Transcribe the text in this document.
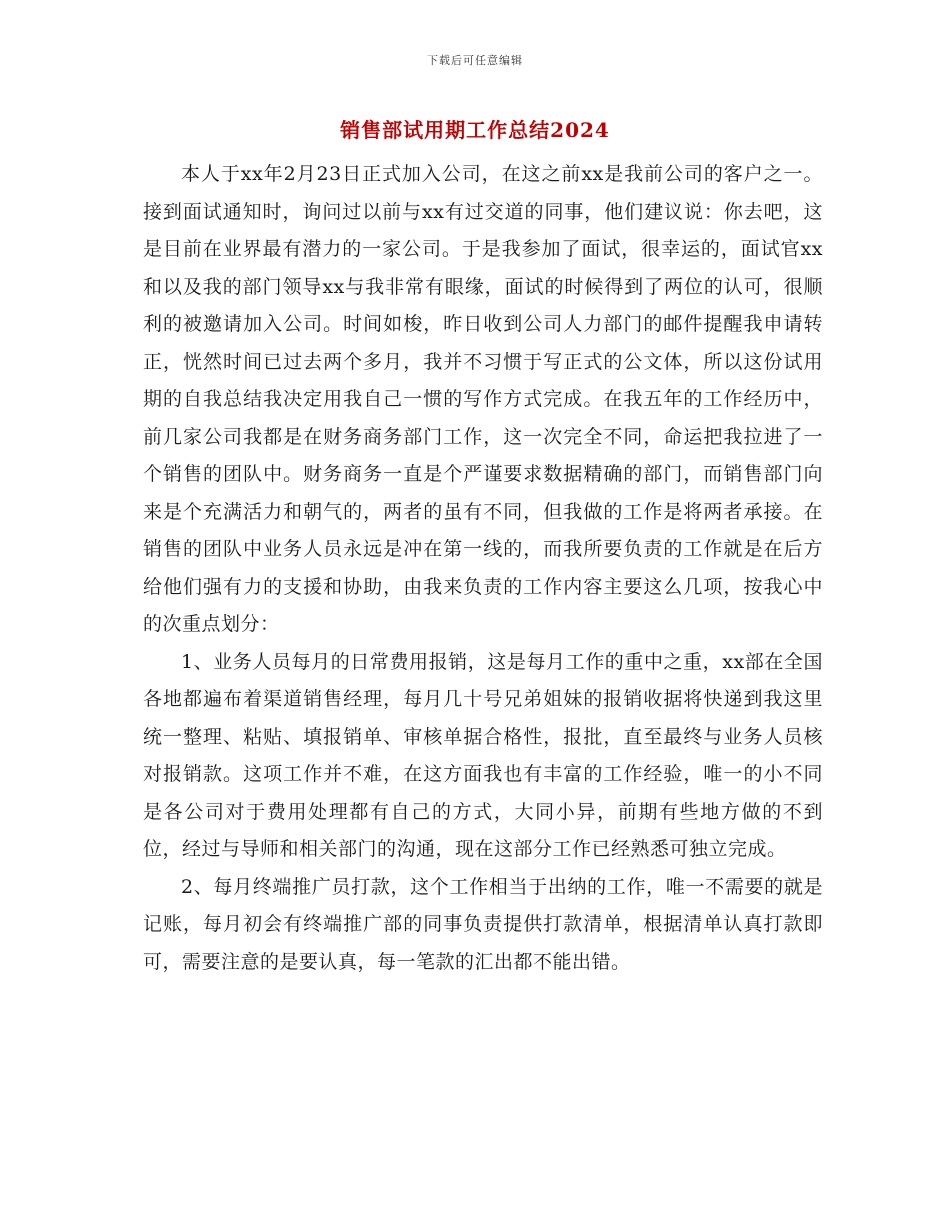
下载后可任意编辑
销售部试用期工作总结2024

本人于xx年2月23日正式加入公司，在这之前xx是我前公司的客户之一。接到面试通知时，询问过以前与xx有过交道的同事，他们建议说：你去吧，这是目前在业界最有潜力的一家公司。于是我参加了面试，很幸运的，面试官xx和以及我的部门领导xx与我非常有眼缘，面试的时候得到了两位的认可，很顺利的被邀请加入公司。时间如梭，昨日收到公司人力部门的邮件提醒我申请转正，恍然时间已过去两个多月，我并不习惯于写正式的公文体，所以这份试用期的自我总结我决定用我自己一惯的写作方式完成。在我五年的工作经历中，前几家公司我都是在财务商务部门工作，这一次完全不同，命运把我拉进了一个销售的团队中。财务商务一直是个严谨要求数据精确的部门，而销售部门向来是个充满活力和朝气的，两者的虽有不同，但我做的工作是将两者承接。在销售的团队中业务人员永远是冲在第一线的，而我所要负责的工作就是在后方给他们强有力的支援和协助，由我来负责的工作内容主要这么几项，按我心中的次重点划分：

1、业务人员每月的日常费用报销，这是每月工作的重中之重，xx部在全国各地都遍布着渠道销售经理，每月几十号兄弟姐妹的报销收据将快递到我这里统一整理、粘贴、填报销单、审核单据合格性，报批，直至最终与业务人员核对报销款。这项工作并不难，在这方面我也有丰富的工作经验，唯一的小不同是各公司对于费用处理都有自己的方式，大同小异，前期有些地方做的不到位，经过与导师和相关部门的沟通，现在这部分工作已经熟悉可独立完成。

2、每月终端推广员打款，这个工作相当于出纳的工作，唯一不需要的就是记账，每月初会有终端推广部的同事负责提供打款清单，根据清单认真打款即可，需要注意的是要认真，每一笔款的汇出都不能出错。
